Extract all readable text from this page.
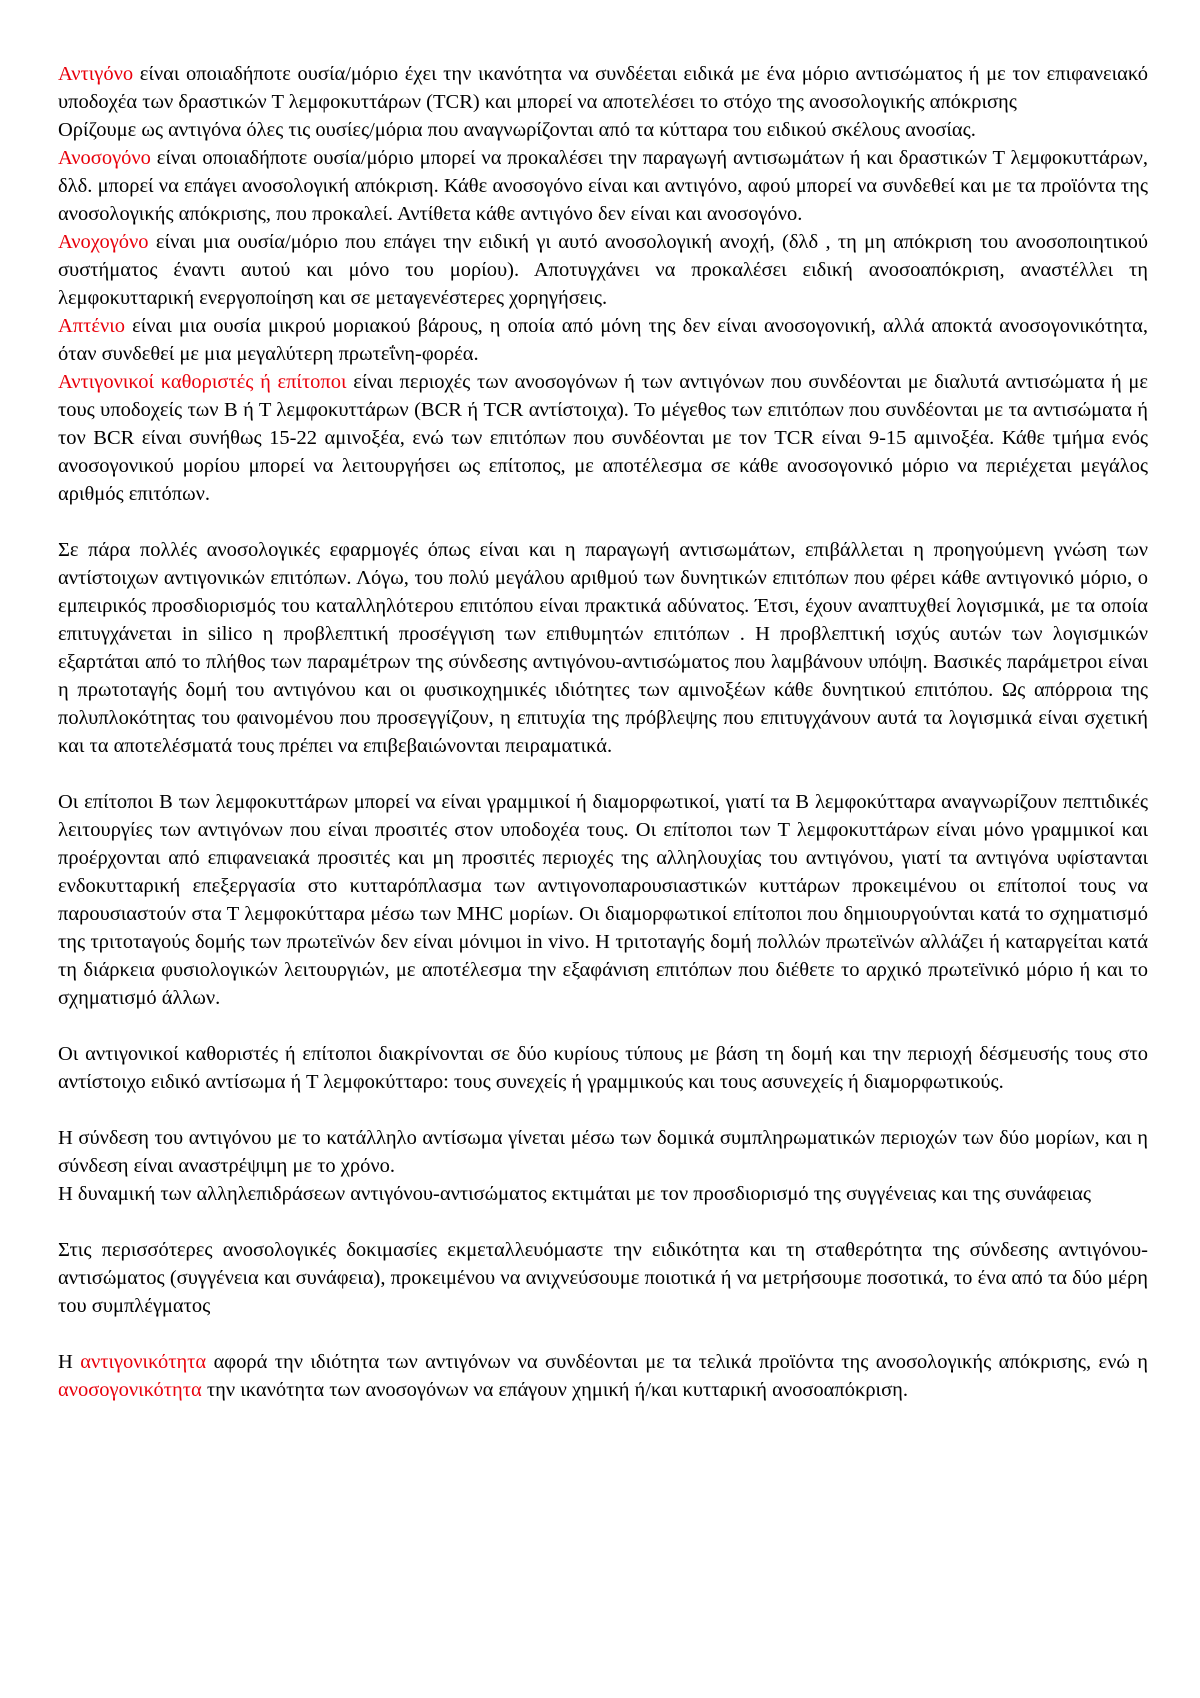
Αντιγόνο είναι οποιαδήποτε ουσία/μόριο έχει την ικανότητα να συνδέεται ειδικά με ένα μόριο αντισώματος ή με τον επιφανειακό υποδοχέα των δραστικών Τ λεμφοκυττάρων (TCR) και μπορεί να αποτελέσει το στόχο της ανοσολογικής απόκρισης

Ορίζουμε ως αντιγόνα όλες τις ουσίες/μόρια που αναγνωρίζονται από τα κύτταρα του ειδικού σκέλους ανοσίας.

Ανοσογόνο είναι οποιαδήποτε ουσία/μόριο μπορεί να προκαλέσει την παραγωγή αντισωμάτων ή και δραστικών Τ λεμφοκυττάρων, δλδ. μπορεί να επάγει ανοσολογική απόκριση. Κάθε ανοσογόνο είναι και αντιγόνο, αφού μπορεί να συνδεθεί και με τα προϊόντα της ανοσολογικής απόκρισης, που προκαλεί. Αντίθετα κάθε αντιγόνο δεν είναι και ανοσογόνο.

Ανοχογόνο είναι μια ουσία/μόριο που επάγει την ειδική γι αυτό ανοσολογική ανοχή, (δλδ , τη μη απόκριση του ανοσοποιητικού συστήματος έναντι αυτού και μόνο του μορίου). Αποτυγχάνει να προκαλέσει ειδική ανοσοαπόκριση, αναστέλλει τη λεμφοκυτταρική ενεργοποίηση και σε μεταγενέστερες χορηγήσεις.

Απτένιο είναι μια ουσία μικρού μοριακού βάρους, η οποία από μόνη της δεν είναι ανοσογονική, αλλά αποκτά ανοσογονικότητα, όταν συνδεθεί με μια μεγαλύτερη πρωτεΐνη-φορέα.

Αντιγονικοί καθοριστές ή επίτοποι είναι περιοχές των ανοσογόνων ή των αντιγόνων που συνδέονται με διαλυτά αντισώματα ή με τους υποδοχείς των Β ή Τ λεμφοκυττάρων (BCR ή TCR αντίστοιχα). Το μέγεθος των επιτόπων που συνδέονται με τα αντισώματα ή τον BCR είναι συνήθως 15-22 αμινοξέα, ενώ των επιτόπων που συνδέονται με τον TCR είναι 9-15 αμινοξέα. Κάθε τμήμα ενός ανοσογονικού μορίου μπορεί να λειτουργήσει ως επίτοπος, με αποτέλεσμα σε κάθε ανοσογονικό μόριο να περιέχεται μεγάλος αριθμός επιτόπων.

Σε πάρα πολλές ανοσολογικές εφαρμογές όπως είναι και η παραγωγή αντισωμάτων, επιβάλλεται η προηγούμενη γνώση των αντίστοιχων αντιγονικών επιτόπων. Λόγω, του πολύ μεγάλου αριθμού των δυνητικών επιτόπων που φέρει κάθε αντιγονικό μόριο, ο εμπειρικός προσδιορισμός του καταλληλότερου επιτόπου είναι πρακτικά αδύνατος. Έτσι, έχουν αναπτυχθεί λογισμικά, με τα οποία επιτυγχάνεται in silico η προβλεπτική προσέγγιση των επιθυμητών επιτόπων . Η προβλεπτική ισχύς αυτών των λογισμικών εξαρτάται από το πλήθος των παραμέτρων της σύνδεσης αντιγόνου-αντισώματος που λαμβάνουν υπόψη. Βασικές παράμετροι είναι η πρωτοταγής δομή του αντιγόνου και οι φυσικοχημικές ιδιότητες των αμινοξέων κάθε δυνητικού επιτόπου. Ως απόρροια της πολυπλοκότητας του φαινομένου που προσεγγίζουν, η επιτυχία της πρόβλεψης που επιτυγχάνουν αυτά τα λογισμικά είναι σχετική και τα αποτελέσματά τους πρέπει να επιβεβαιώνονται πειραματικά.

Οι επίτοποι Β των λεμφοκυττάρων μπορεί να είναι γραμμικοί ή διαμορφωτικοί, γιατί τα Β λεμφοκύτταρα αναγνωρίζουν πεπτιδικές λειτουργίες των αντιγόνων που είναι προσιτές στον υποδοχέα τους. Οι επίτοποι των Τ λεμφοκυττάρων είναι μόνο γραμμικοί και προέρχονται από επιφανειακά προσιτές και μη προσιτές περιοχές της αλληλουχίας του αντιγόνου, γιατί τα αντιγόνα υφίστανται ενδοκυτταρική επεξεργασία στο κυτταρόπλασμα των αντιγονοπαρουσιαστικών κυττάρων προκειμένου οι επίτοποί τους να παρουσιαστούν στα Τ λεμφοκύτταρα μέσω των MHC μορίων. Οι διαμορφωτικοί επίτοποι που δημιουργούνται κατά το σχηματισμό της τριτοταγούς δομής των πρωτεϊνών δεν είναι μόνιμοι in vivo. Η τριτοταγής δομή πολλών πρωτεϊνών αλλάζει ή καταργείται κατά τη διάρκεια φυσιολογικών λειτουργιών, με αποτέλεσμα την εξαφάνιση επιτόπων που διέθετε το αρχικό πρωτεϊνικό μόριο ή και το σχηματισμό άλλων.

Οι αντιγονικοί καθοριστές ή επίτοποι διακρίνονται σε δύο κυρίους τύπους με βάση τη δομή και την περιοχή δέσμευσής τους στο αντίστοιχο ειδικό αντίσωμα ή Τ λεμφοκύτταρο: τους συνεχείς ή γραμμικούς και τους ασυνεχείς ή διαμορφωτικούς.

Η σύνδεση του αντιγόνου με το κατάλληλο αντίσωμα γίνεται μέσω των δομικά συμπληρωματικών περιοχών των δύο μορίων, και η σύνδεση είναι αναστρέψιμη με το χρόνο.

Η δυναμική των αλληλεπιδράσεων αντιγόνου-αντισώματος εκτιμάται με τον προσδιορισμό της συγγένειας και της συνάφειας

Στις περισσότερες ανοσολογικές δοκιμασίες εκμεταλλευόμαστε την ειδικότητα και τη σταθερότητα της σύνδεσης αντιγόνου-αντισώματος (συγγένεια και συνάφεια), προκειμένου να ανιχνεύσουμε ποιοτικά ή να μετρήσουμε ποσοτικά, το ένα από τα δύο μέρη του συμπλέγματος

Η αντιγονικότητα αφορά την ιδιότητα των αντιγόνων να συνδέονται με τα τελικά προϊόντα της ανοσολογικής απόκρισης, ενώ η ανοσογονικότητα την ικανότητα των ανοσογόνων να επάγουν χημική ή/και κυτταρική ανοσοαπόκριση.
